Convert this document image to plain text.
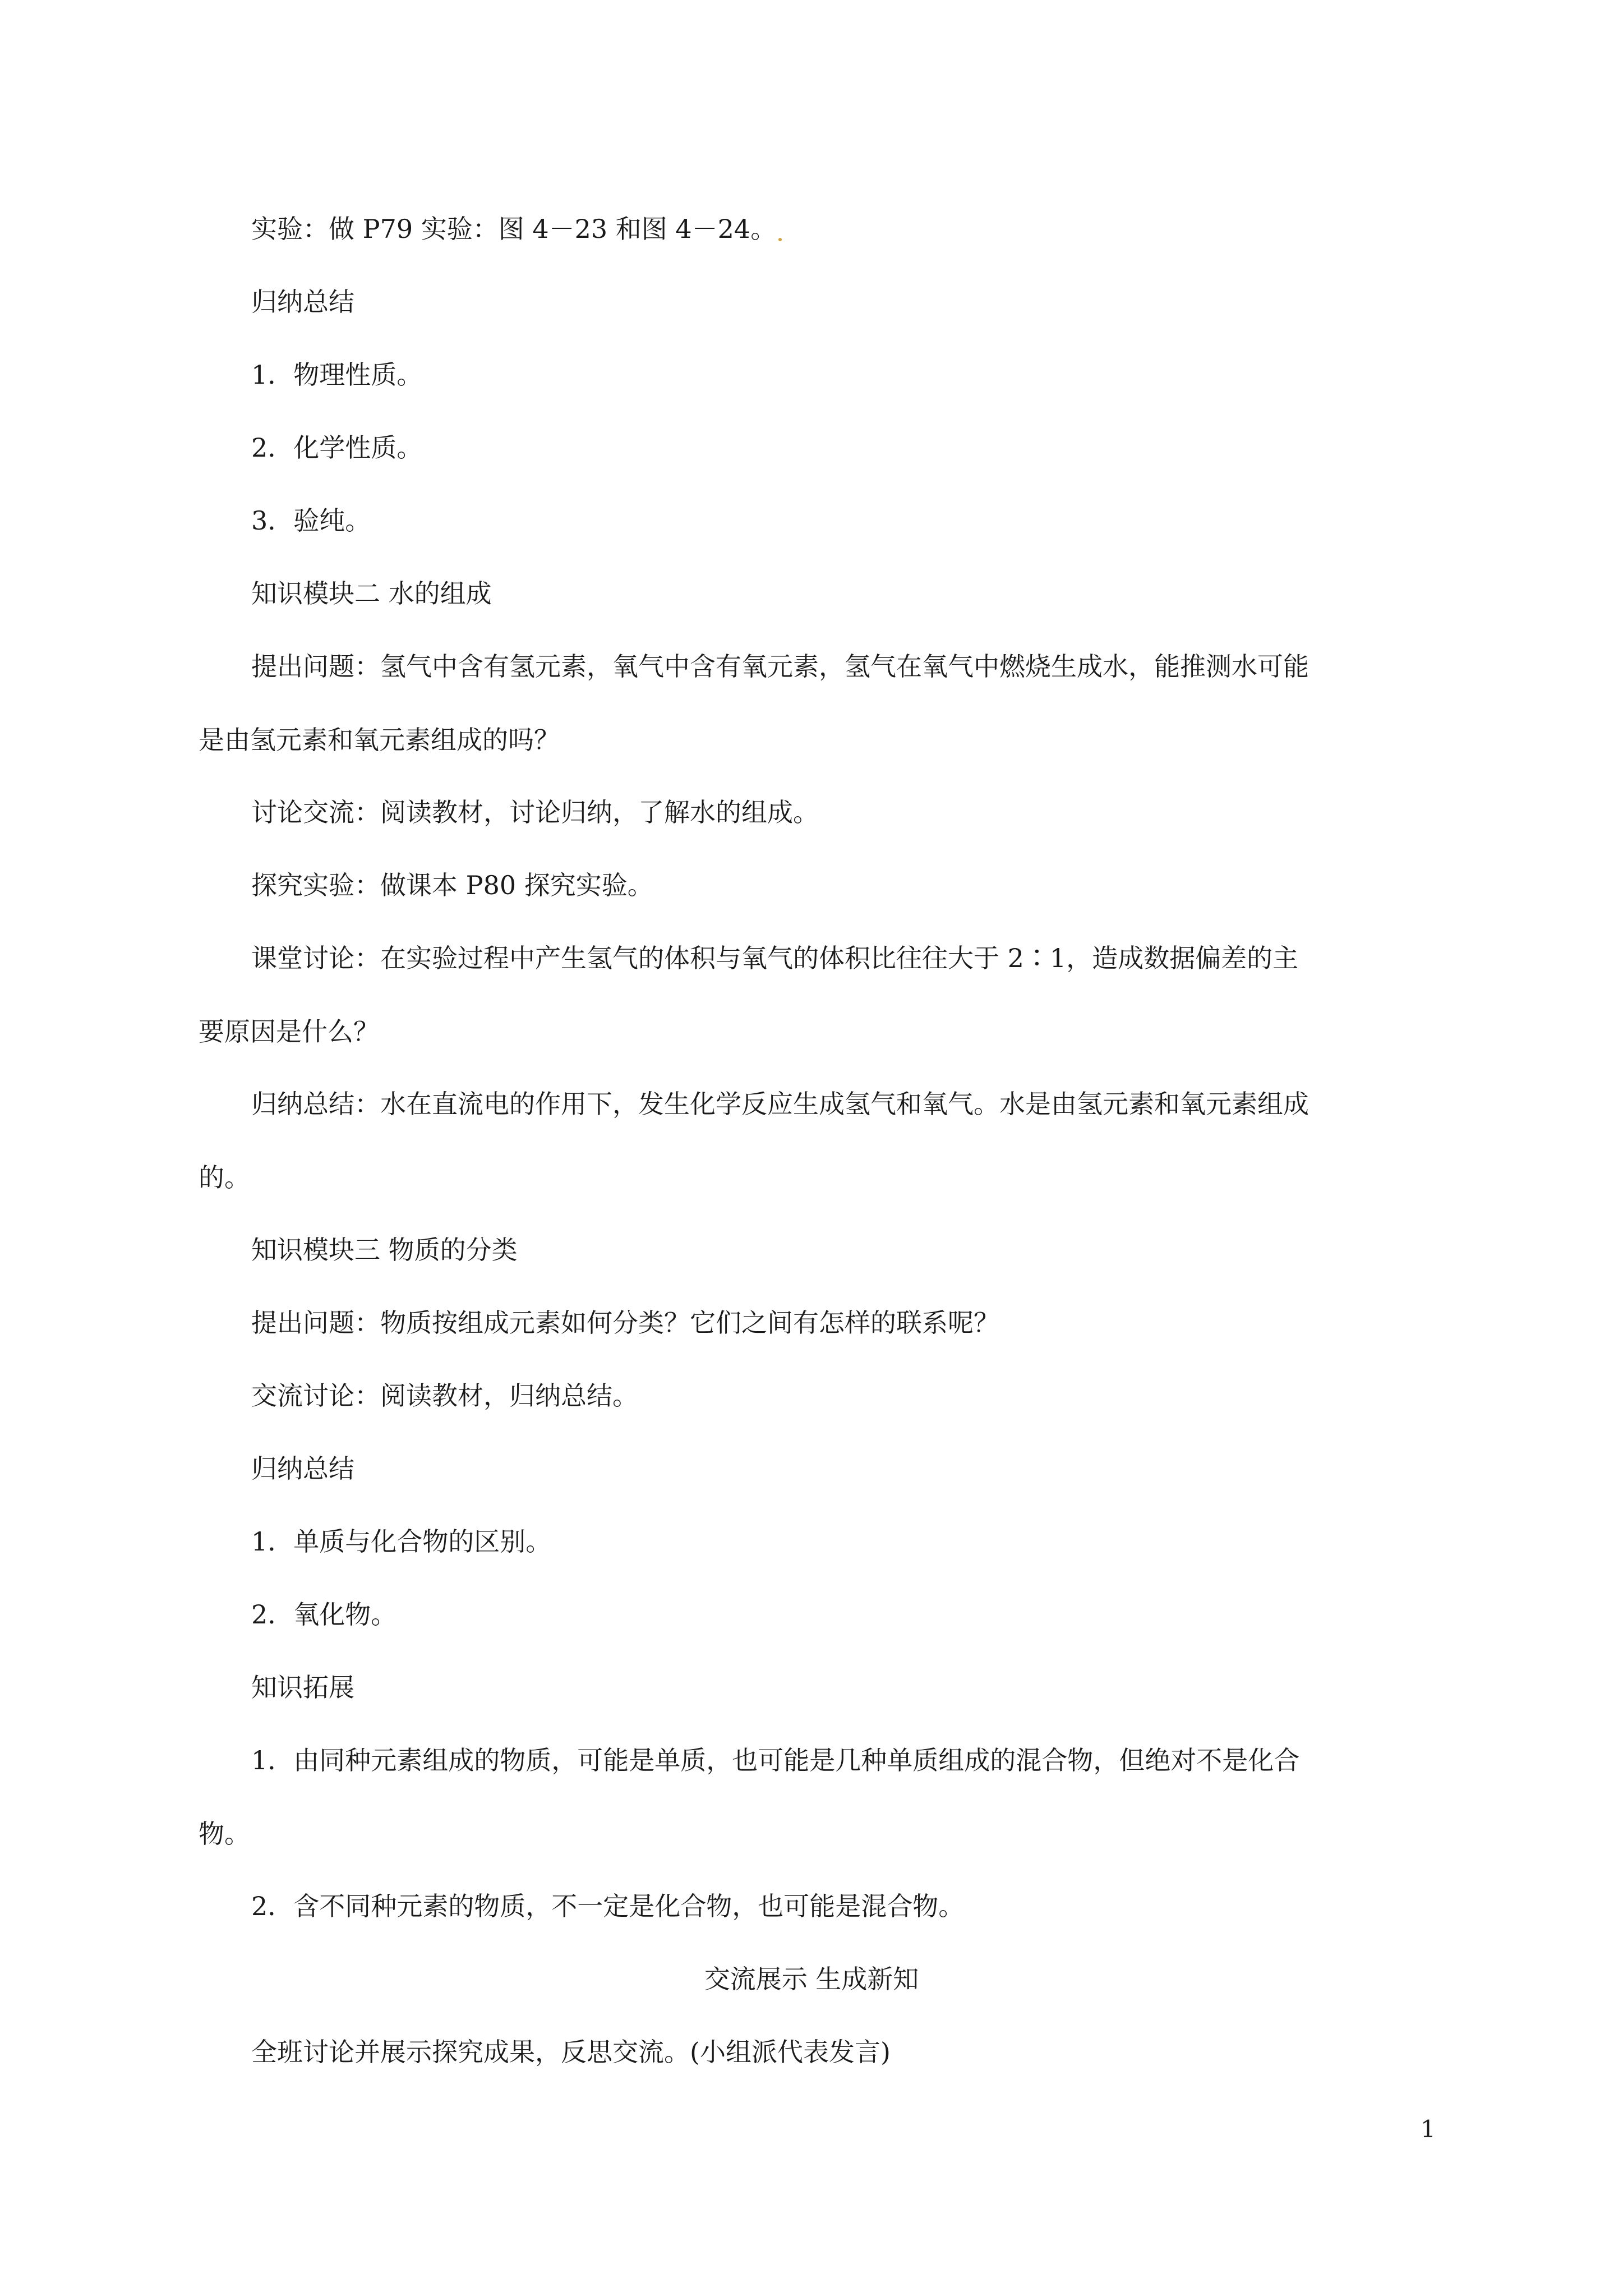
实验：做 P79 实验：图 4－23 和图 4－24。

归纳总结

1．物理性质。

2．化学性质。

3．验纯。

知识模块二 水的组成

提出问题：氢气中含有氢元素，氧气中含有氧元素，氢气在氧气中燃烧生成水，能推测水可能
是由氢元素和氧元素组成的吗？

讨论交流：阅读教材，讨论归纳，了解水的组成。

探究实验：做课本 P80 探究实验。

课堂讨论：在实验过程中产生氢气的体积与氧气的体积比往往大于 2∶1，造成数据偏差的主
要原因是什么？

归纳总结：水在直流电的作用下，发生化学反应生成氢气和氧气。水是由氢元素和氧元素组成
的。

知识模块三 物质的分类

提出问题：物质按组成元素如何分类？它们之间有怎样的联系呢？

交流讨论：阅读教材，归纳总结。

归纳总结

1．单质与化合物的区别。

2．氧化物。

知识拓展

1．由同种元素组成的物质，可能是单质，也可能是几种单质组成的混合物，但绝对不是化合
物。

2．含不同种元素的物质，不一定是化合物，也可能是混合物。

交流展示 生成新知

全班讨论并展示探究成果，反思交流。(小组派代表发言)

1
